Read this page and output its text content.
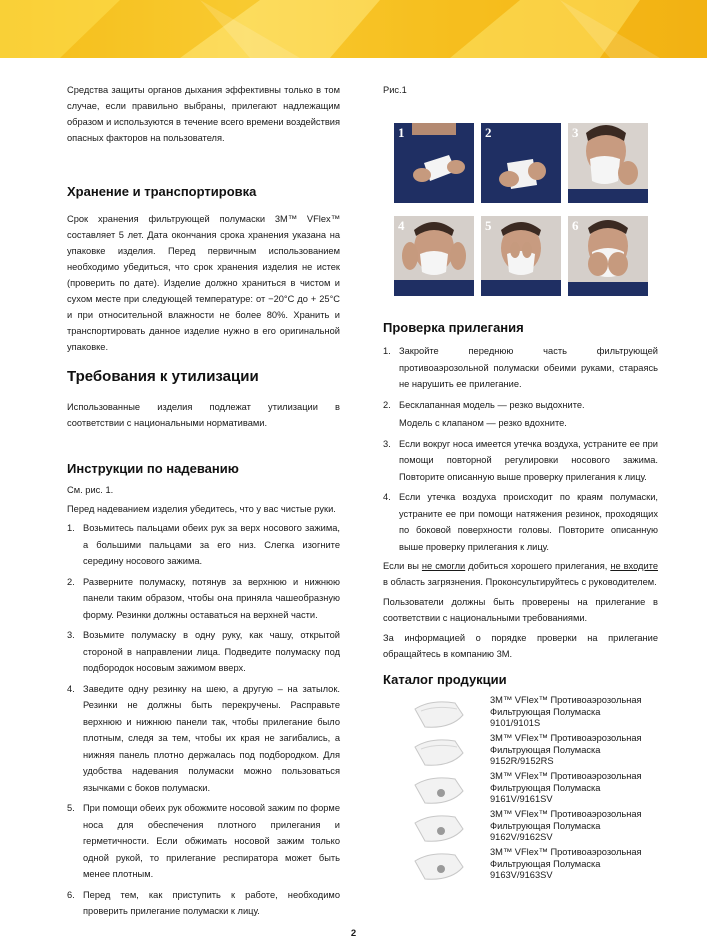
Средства защиты органов дыхания эффективны только в том случае, если правильно выбраны, прилегают надлежащим образом и используются в течение всего времени воздействия опасных факторов на пользователя.

Хранение и транспортировка

Срок хранения фильтрующей полумаски 3M™ VFlex™ составляет 5 лет. Дата окончания срока хранения указана на упаковке изделия. Перед первичным использованием необходимо убедиться, что срок хранения изделия не истек (проверить по дате). Изделие должно храниться в чистом и сухом месте при следующей температуре: от −20°С до + 25°С и при относительной влажности не более 80%. Хранить и транспортировать данное изделие нужно в его оригинальной упаковке.

Требования к утилизации

Использованные изделия подлежат утилизации в соответствии с национальными нормативами.

Инструкции по надеванию

См. рис. 1.

Перед надеванием изделия убедитесь, что у вас чистые руки.

1. Возьмитесь пальцами обеих рук за верх носового зажима, а большими пальцами за его низ. Слегка изогните середину носового зажима.
2. Разверните полумаску, потянув за верхнюю и нижнюю панели таким образом, чтобы она приняла чашеобразную форму. Резинки должны оставаться на верхней части.
3. Возьмите полумаску в одну руку, как чашу, открытой стороной в направлении лица. Подведите полумаску под подбородок носовым зажимом вверх.
4. Заведите одну резинку на шею, а другую – на затылок. Резинки не должны быть перекручены. Расправьте верхнюю и нижнюю панели так, чтобы прилегание было плотным, следя за тем, чтобы их края не загибались, а нижняя панель плотно держалась под подбородком. Для удобства надевания полумаски можно пользоваться язычками с боков полумаски.
5. При помощи обеих рук обожмите носовой зажим по форме носа для обеспечения плотного прилегания и герметичности. Если обжимать носовой зажим только одной рукой, то прилегание респиратора может быть менее плотным.
6. Перед тем, как приступить к работе, необходимо проверить прилегание полумаски к лицу.

Рис.1

1	2	3
4	5	6
Проверка прилегания
1. Закройте переднюю часть фильтрующей противоаэрозольной полумаски обеими руками, стараясь не нарушить ее прилегание.
2. Бесклапанная модель — резко выдохните.
Модель с клапаном — резко вдохните.
3. Если вокруг носа имеется утечка воздуха, устраните ее при помощи повторной регулировки носового зажима. Повторите описанную выше проверку прилегания к лицу.
4. Если утечка воздуха происходит по краям полумаски, устраните ее при помощи натяжения резинок, проходящих по боковой поверхности головы. Повторите описанную выше проверку прилегания к лицу.

Если вы не смогли добиться хорошего прилегания, не входите в область загрязнения. Проконсультируйтесь с руководителем.

Пользователи должны быть проверены на прилегание в соответствии с национальными требованиями.

За информацией о порядке проверки на прилегание обращайтесь в компанию 3M.

Каталог продукции
3M™ VFlex™ Противоаэрозольная
Фильтрующая Полумаска
9101/9101S
3M™ VFlex™ Противоаэрозольная
Фильтрующая Полумаска
9152R/9152RS
3M™ VFlex™ Противоаэрозольная
Фильтрующая Полумаска
9161V/9161SV
3M™ VFlex™ Противоаэрозольная
Фильтрующая Полумаска
9162V/9162SV
3M™ VFlex™ Противоаэрозольная
Фильтрующая Полумаска
9163V/9163SV
2
